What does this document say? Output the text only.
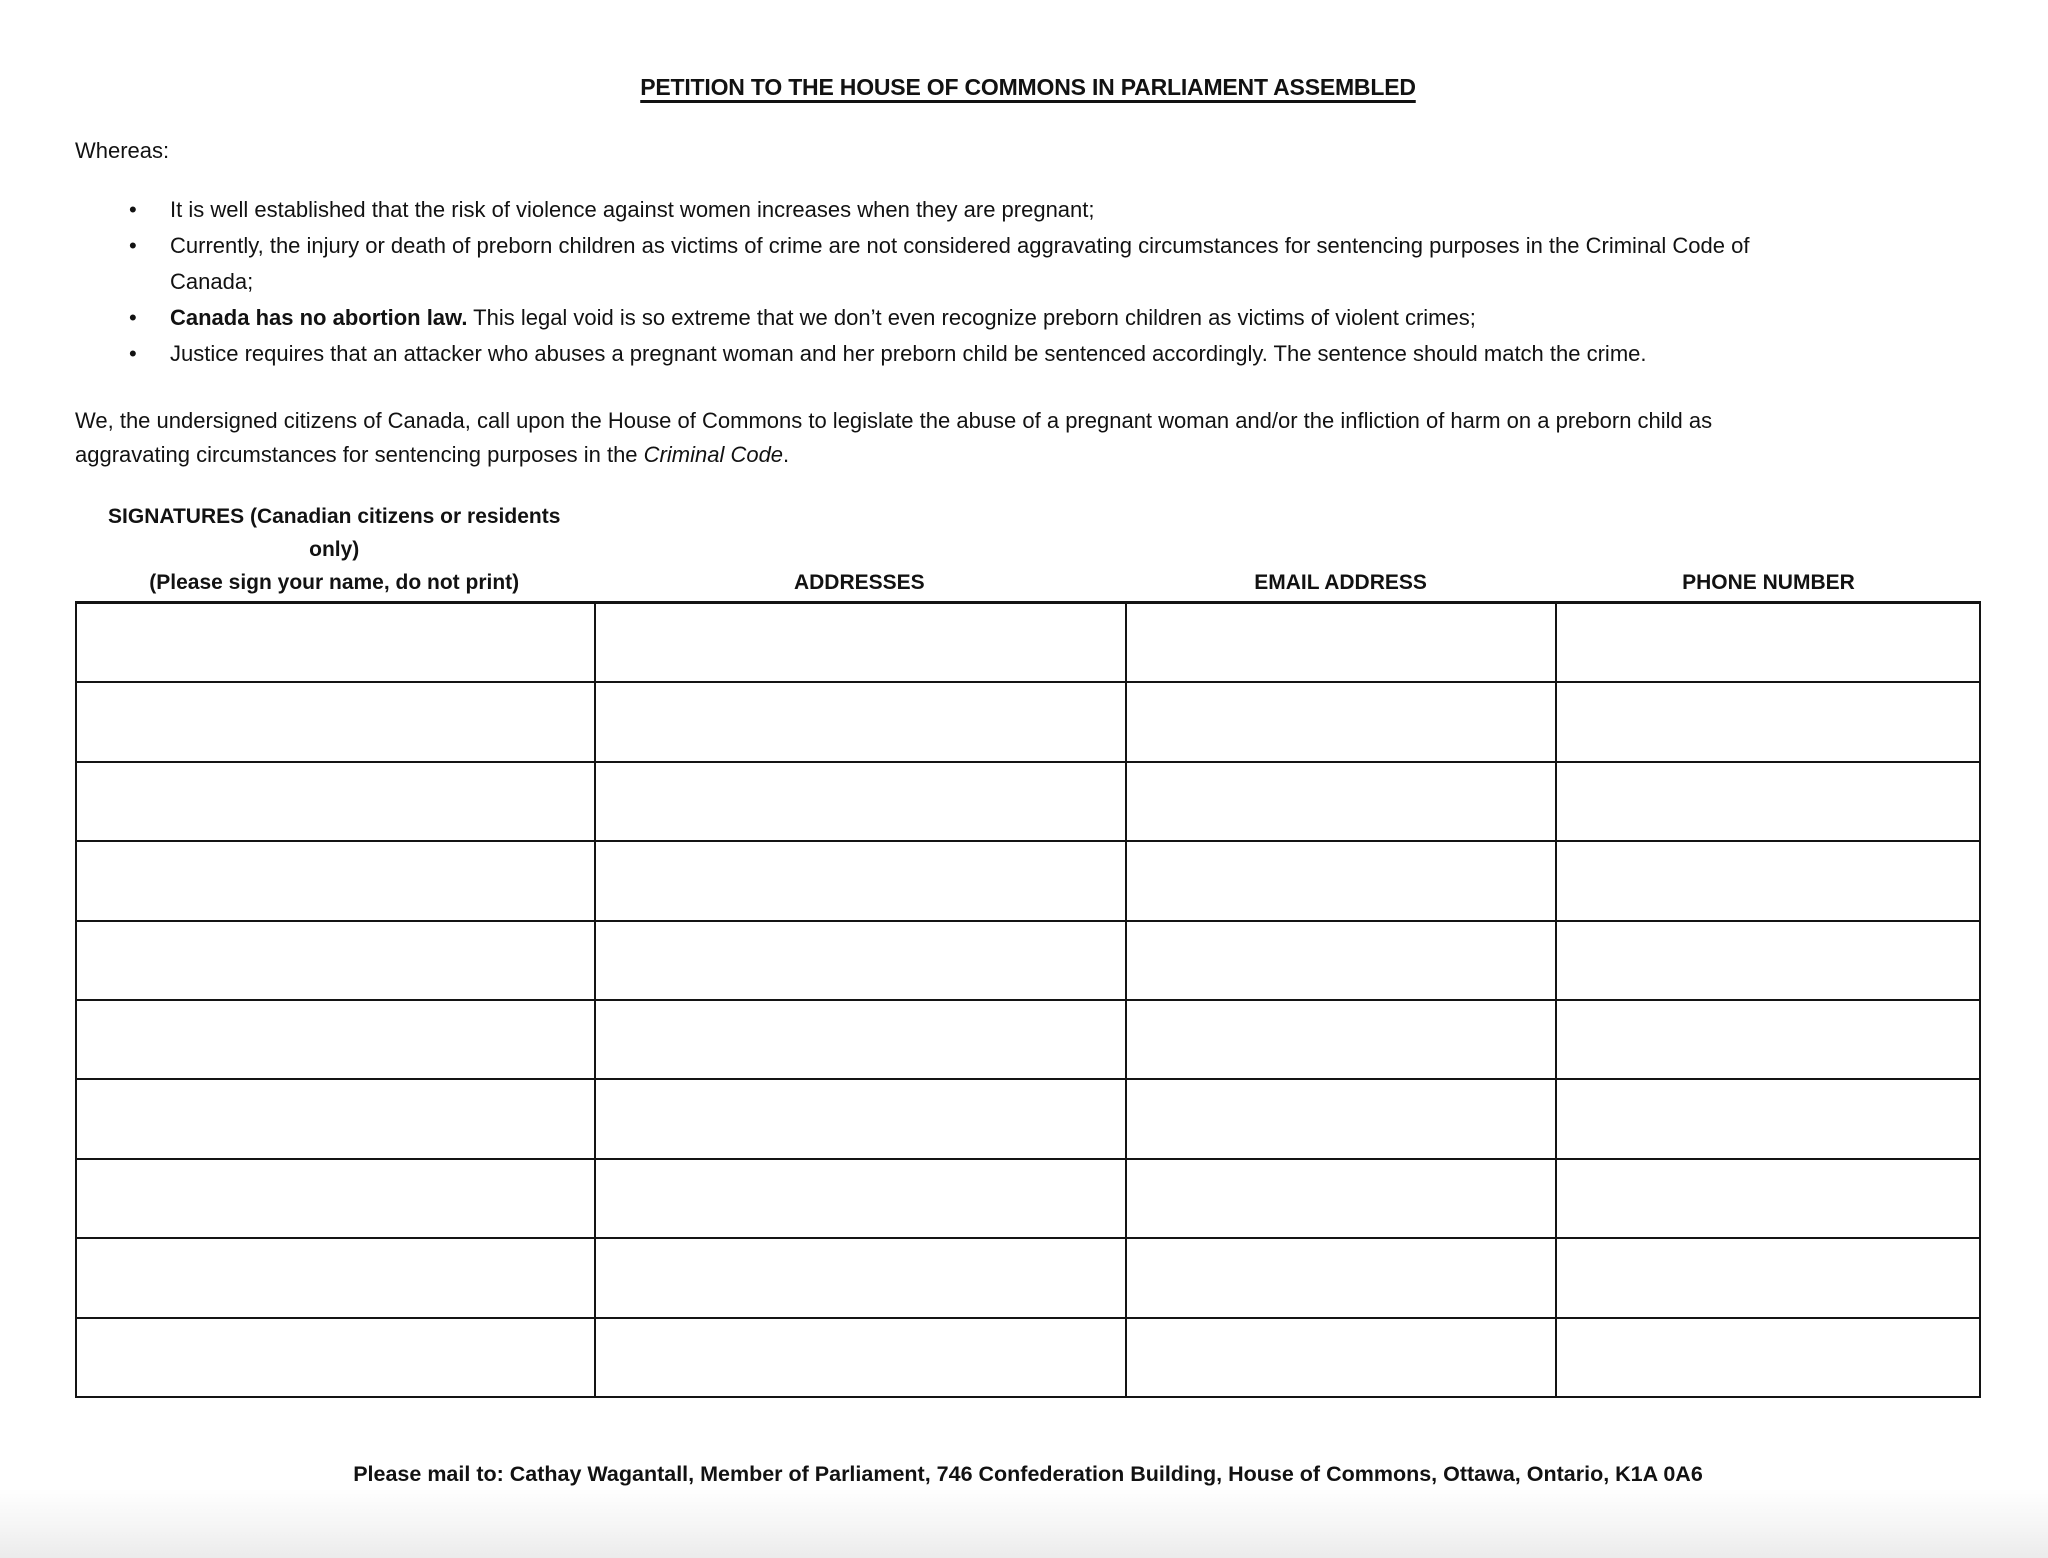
PETITION TO THE HOUSE OF COMMONS IN PARLIAMENT ASSEMBLED
Whereas:
• It is well established that the risk of violence against women increases when they are pregnant;
• Currently, the injury or death of preborn children as victims of crime are not considered aggravating circumstances for sentencing purposes in the Criminal Code of
Canada;
• Canada has no abortion law. This legal void is so extreme that we don’t even recognize preborn children as victims of violent crimes;
• Justice requires that an attacker who abuses a pregnant woman and her preborn child be sentenced accordingly. The sentence should match the crime.
We, the undersigned citizens of Canada, call upon the House of Commons to legislate the abuse of a pregnant woman and/or the infliction of harm on a preborn child as
aggravating circumstances for sentencing purposes in the Criminal Code.
SIGNATURES (Canadian citizens or residents
only)
(Please sign your name, do not print)	ADDRESSES	EMAIL ADDRESS	PHONE NUMBER
Please mail to: Cathay Wagantall, Member of Parliament, 746 Confederation Building, House of Commons, Ottawa, Ontario, K1A 0A6
